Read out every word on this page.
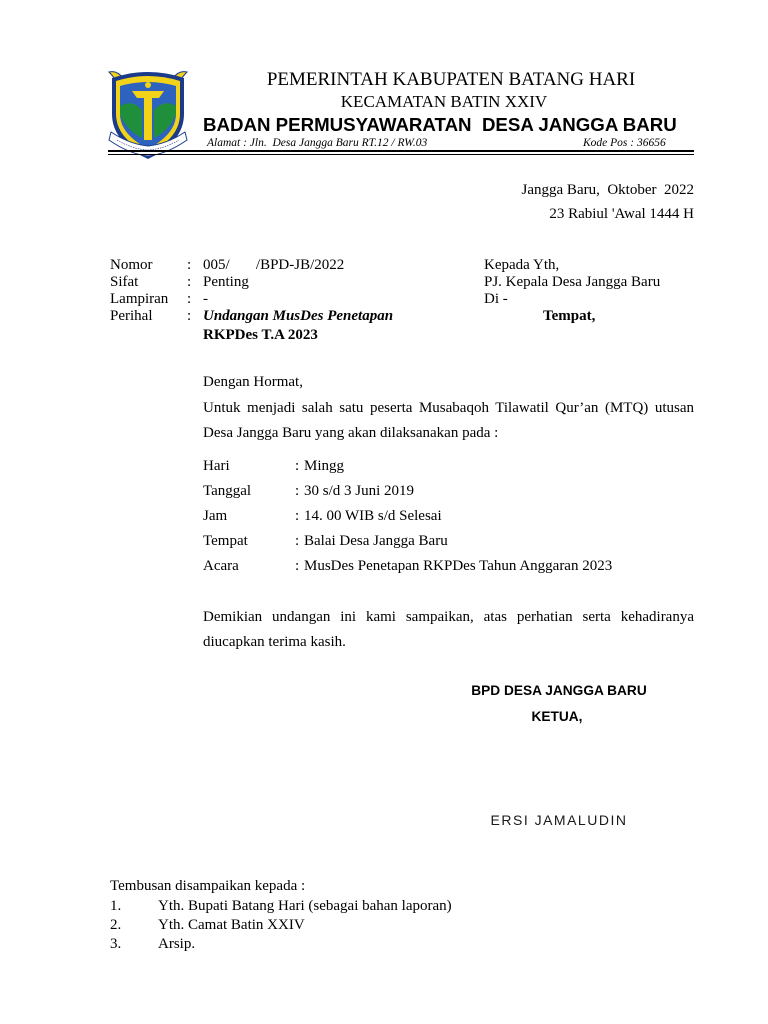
PEMERINTAH KABUPATEN BATANG HARI
KECAMATAN BATIN XXIV
BADAN PERMUSYAWARATAN  DESA JANGGA BARU
Alamat : Jln.  Desa Jangga Baru RT.12 / RW.03	Kode Pos : 36656
Jangga Baru,  Oktober  2022
23 Rabiul 'Awal 1444 H
Nomor : 005/       /BPD-JB/2022
Sifat	: Penting
Lampiran : -
Perihal : Undangan MusDes Penetapan
RKPDes T.A 2023
Kepada Yth,
PJ. Kepala Desa Jangga Baru
Di -
Tempat,
Dengan Hormat,
Untuk menjadi salah satu peserta Musabaqoh Tilawatil Qur’an (MTQ) utusan
Desa Jangga Baru yang akan dilaksanakan pada :
Hari	: Mingg
Tanggal	: 30 s/d 3 Juni 2019
Jam	: 14. 00 WIB s/d Selesai
Tempat	: Balai Desa Jangga Baru
Acara	: MusDes Penetapan RKPDes Tahun Anggaran 2023
Demikian undangan ini kami sampaikan, atas perhatian serta kehadiranya
diucapkan terima kasih.
BPD DESA JANGGA BARU
KETUA,
ERSI JAMALUDIN
Tembusan disampaikan kepada :
1. Yth. Bupati Batang Hari (sebagai bahan laporan)
2. Yth. Camat Batin XXIV
3. Arsip.
